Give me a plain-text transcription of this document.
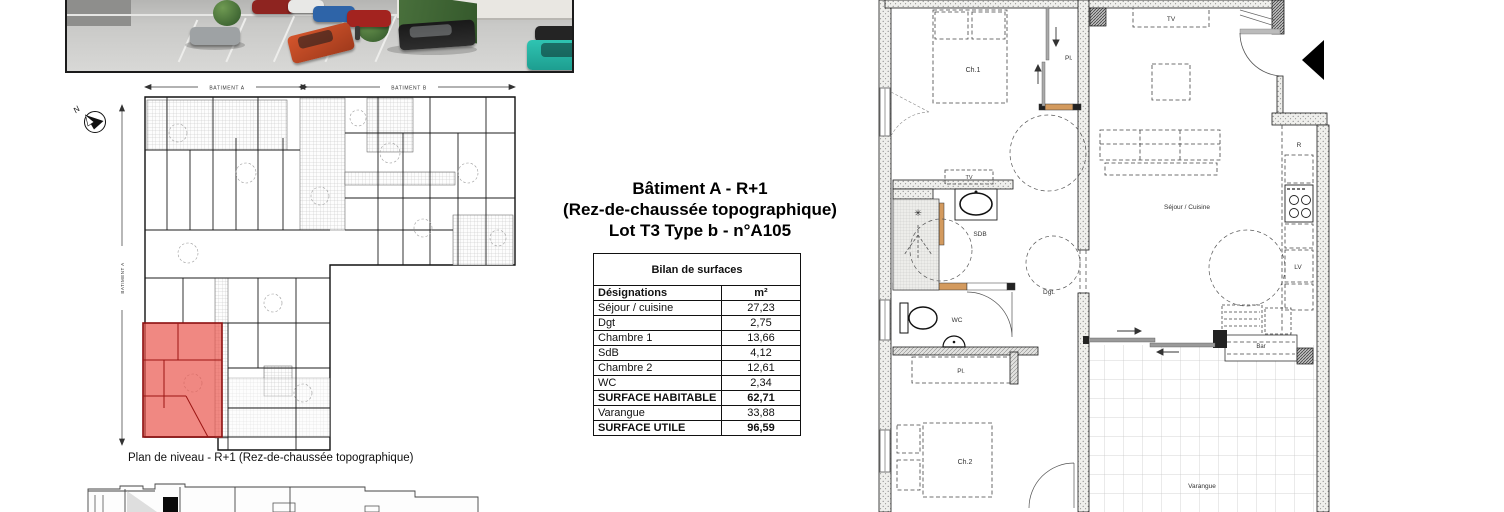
BATIMENT A	BATIMENT B
BATIMENT A
N
Plan de niveau - R+1 (Rez-de-chaussée topographique)
Bâtiment A - R+1
(Rez-de-chaussée topographique)
Lot T3 Type b - n°A105
Bilan de surfaces	
Désignations	m²
Séjour / cuisine	27,23
Dgt	2,75
Chambre 1	13,66
SdB	4,12
Chambre 2	12,61
WC	2,34
SURFACE HABITABLE	62,71
Varangue	33,88
SURFACE UTILE	96,59
Ch.1
Pl.
TV
✳
SDB
WC
Pl.
Ch.2
Dgt.
TV
Séjour / Cuisine
R
LV
Bar
Varangue
